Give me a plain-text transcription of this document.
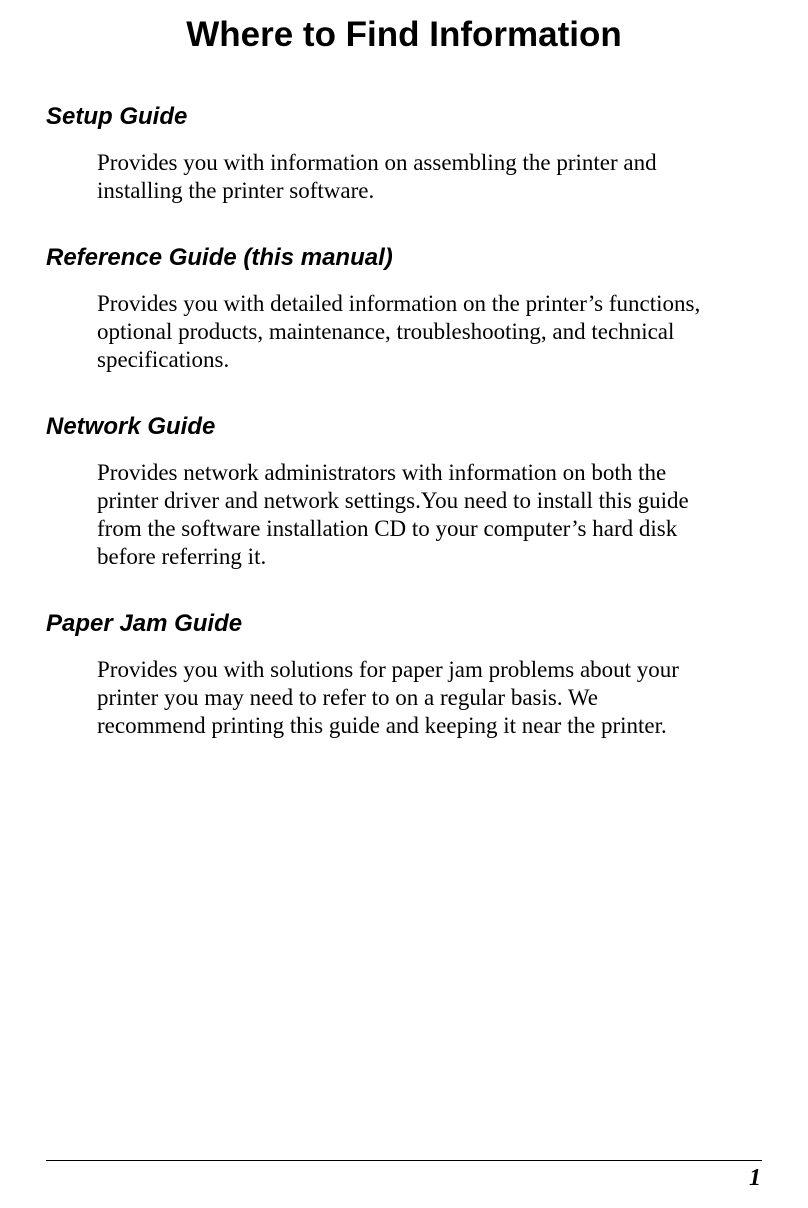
Where to Find Information
Setup Guide

Provides you with information on assembling the printer and
installing the printer software.

Reference Guide (this manual)

Provides you with detailed information on the printer’s functions,
optional products, maintenance, troubleshooting, and technical
specifications.

Network Guide

Provides network administrators with information on both the
printer driver and network settings.You need to install this guide
from the software installation CD to your computer’s hard disk
before referring it.

Paper Jam Guide

Provides you with solutions for paper jam problems about your
printer you may need to refer to on a regular basis. We
recommend printing this guide and keeping it near the printer.

1
